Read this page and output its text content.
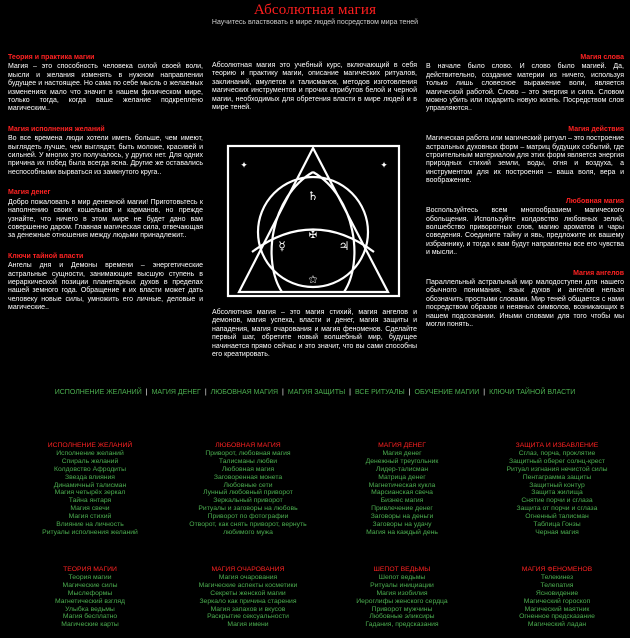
Абсолютная магия
Научитесь властвовать в мире людей посредством мира теней
Теория и практика магии
Магия – это способность человека силой своей воли, мысли и желания изменять в нужном направлении будущее и настоящее. Но сама по себе мысль о желаемых изменениях мало что значит в нашем физическом мире, только тогда, когда ваше желание подкреплено магическим..
Магия исполнения желаний
Во все времена люди хотели иметь больше, чем имеют, выглядеть лучше, чем выглядят, быть моложе, красивей и сильней. У многих это получалось, у других нет. Для одних причина их побед была всегда ясна. Другие же оставались неспособными вырваться из замкнутого круга..
Магия денег
Добро пожаловать в мир денежной магии! Приготовьтесь к наполнению своих кошельков и карманов, но прежде узнайте, что ничего в этом мире не будет дано вам совершенно даром. Главная магическая сила, отвечающая за денежные отношения между людьми принадлежит..
Ключи тайной власти
Ангелы дня и Демоны времени – энергетические астральные сущности, занимающие высшую ступень в иерархической позиции планетарных духов в пределах нашей земного года. Обращение к их власти может дать человеку новые силы, умножить его личные, деловые и магические..

Абсолютная магия это учебный курс, включающий в себя теорию и практику магии, описание магических ритуалов, заклинаний, амулетов и талисманов, методов изготовления магических инструментов и прочих атрибутов белой и черной магии, необходимых для обретения власти в мире людей и в мире теней.

Абсолютная магия – это магия стихий, магия ангелов и демонов, магия успеха, власти и денег, магия защиты и нападения, магия очарования и магия феноменов. Сделайте первый шаг, обретите новый волшебный мир, будущее начинается прямо сейчас и это значит, что вы сами способны его креатировать.

♄
☿	♃
✠
✦	✦
⚝
Магия слова
В начале было слово. И слово было магией. Да, действительно, создание материи из ничего, используя только лишь словесное выражение воли, является магической работой. Слово – это энергия и сила. Словом можно убить или подарить новую жизнь. Посредством слов управляются..
Магия действия
Магическая работа или магический ритуал – это построение астральных духовных форм – матриц будущих событий, где строительным материалом для этих форм является энергия природных стихий земли, воды, огня и воздуха, а инструментом для их построения – ваша воля, вера и воображение.
Любовная магия
Воспользуйтесь всем многообразием магического обольщения. Используйте колдовство любовных зелий, волшебство приворотных слов, магию ароматов и чары соведения. Соедините тайну и явь, предложите их вашему избраннику, и тогда к вам будут направлены все его чувства и мысли..
Магия ангелов
Параллельный астральный мир малодоступен для нашего обычного понимания, язык духов и ангелов нельзя обозначить простыми словами. Мир теней общается с нами посредством образов и неявных символов, возникающих в нашем подсознании. Иными словами для того чтобы мы могли понять..
ИСПОЛНЕНИЕ ЖЕЛАНИЙ | МАГИЯ ДЕНЕГ | ЛЮБОВНАЯ МАГИЯ | МАГИЯ ЗАЩИТЫ | ВСЕ РИТУАЛЫ | ОБУЧЕНИЕ МАГИИ | КЛЮЧИ ТАЙНОЙ ВЛАСТИ
ИСПОЛНЕНИЕ ЖЕЛАНИЙ
Исполнение желаний
Спираль желаний
Колдовство Афродиты
Звезда влияния
Динамичный талисман
Магия четырёх зеркал
Тайна янтаря
Магия свечи
Магия стихий
Влияние на личность
Ритуалы исполнения желаний
ЛЮБОВНАЯ МАГИЯ
Приворот, любовная магия
Талисманы любви
Любовная магия
Заговоренная монета
Любовные сети
Лунный любовный приворот
Зеркальный приворот
Ритуалы и заговоры на любовь
Приворот по фотографии
Отворот, как снять приворот, вернуть
любимого мужа
МАГИЯ ДЕНЕГ
Магия денег
Денежный треугольник
Лидер-талисман
Матрица денег
Магнетическая кукла
Марсианская свеча
Бизнес магия
Привлечение денег
Заговоры на деньги
Заговоры на удачу
Магия на каждый день
ЗАЩИТА И ИЗБАВЛЕНИЕ
Сглаз, порча, проклятие
Защитный оберег солнц-крест
Ритуал изгнания нечистой силы
Пентаграмма защиты
Защитный контур
Защита жилища
Снятие порчи и сглаза
Защита от порчи и сглаза
Огненный талисман
Таблица Гонзы
Черная магия
ТЕОРИЯ МАГИИ
Теория магии
Магические силы
Мыслеформы
Магнетический взгляд
Улыбка ведьмы
Магия бесплатно
Магические карты
МАГИЯ ОЧАРОВАНИЯ
Магия очарования
Магические аспекты косметики
Секреты женской магии
Зеркало как причина старения
Магия запахов и вкусов
Раскрытие сексуальности
Магия имени
ШЕПОТ ВЕДЬМЫ
Шепот ведьмы
Ритуалы инициации
Магия изобилия
Иероглифы женского сердца
Приворот мужчины
Любовные эликсиры
Гадания, предсказания
МАГИЯ ФЕНОМЕНОВ
Телекинез
Телепатия
Ясновидение
Магический гороскоп
Магический маятник
Огненное предсказание
Магический ладан
